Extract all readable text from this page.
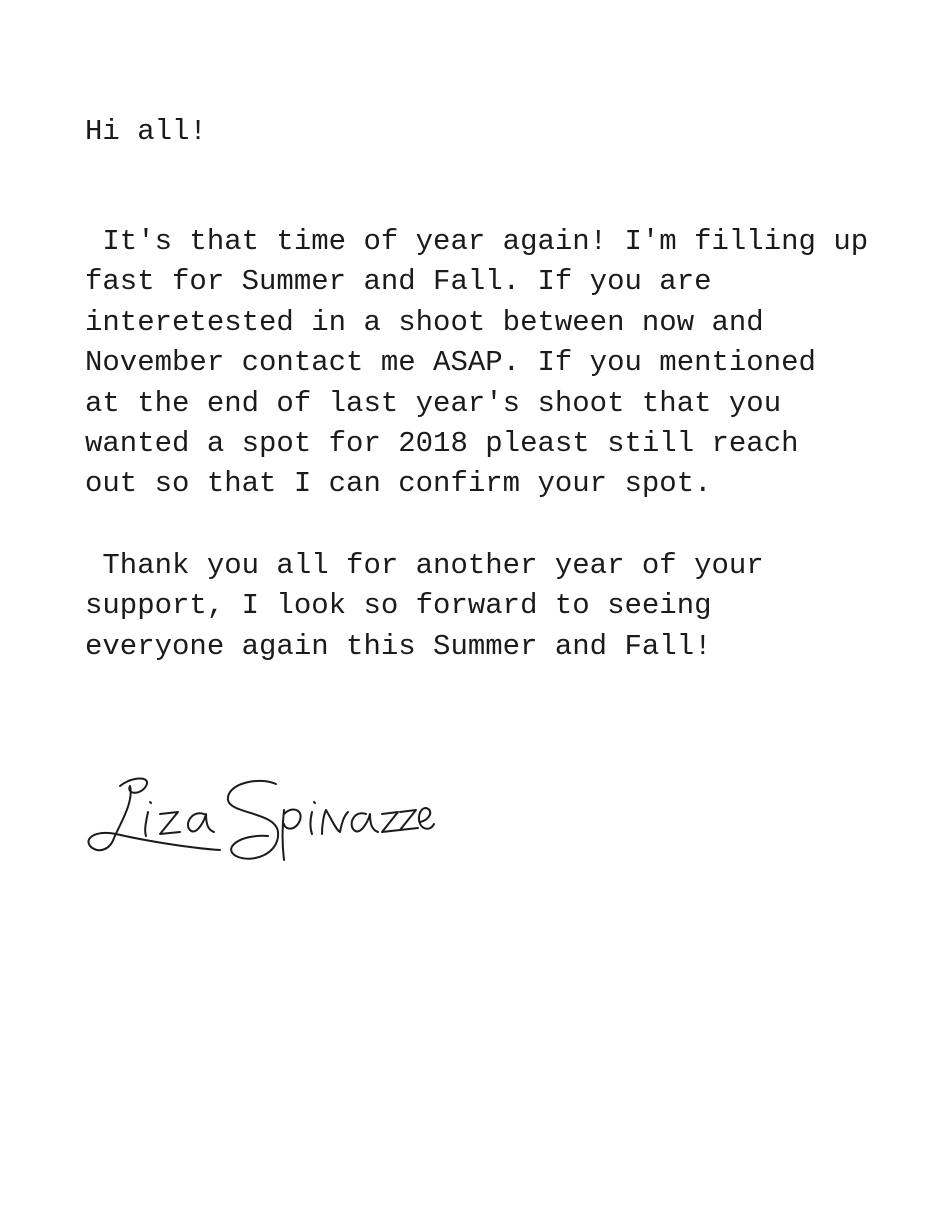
Hi all!

It's that time of year again! I'm filling up
fast for Summer and Fall. If you are
interetested in a shoot between now and
November contact me ASAP. If you mentioned
at the end of last year's shoot that you
wanted a spot for 2018 pleast still reach
out so that I can confirm your spot.

Thank you all for another year of your
support, I look so forward to seeing
everyone again this Summer and Fall!
